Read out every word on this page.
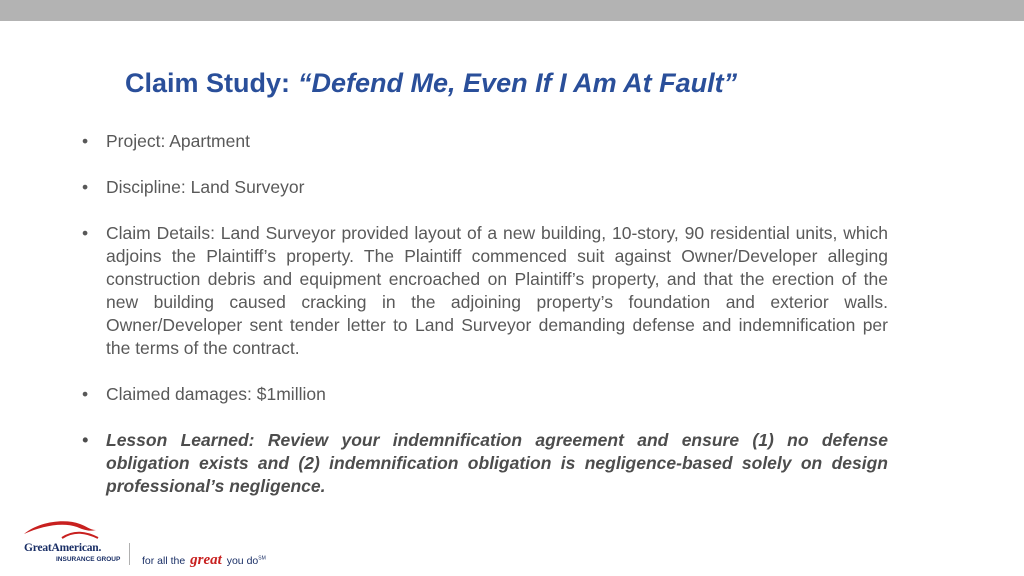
Claim Study: “Defend Me, Even If I Am At Fault”
• Project: Apartment
• Discipline: Land Surveyor
• Claim Details: Land Surveyor provided layout of a new building, 10-story, 90 residential units, which adjoins the Plaintiff’s property. The Plaintiff commenced suit against Owner/Developer alleging construction debris and equipment encroached on Plaintiff’s property, and that the erection of the new building caused cracking in the adjoining property’s foundation and exterior walls. Owner/Developer sent tender letter to Land Surveyor demanding defense and indemnification per the terms of the contract.
• Claimed damages: $1million
• Lesson Learned: Review your indemnification agreement and ensure (1) no defense obligation exists and (2) indemnification obligation is negligence-based solely on design professional’s negligence.
GreatAmerican.
INSURANCE GROUP for all the great you do℠
